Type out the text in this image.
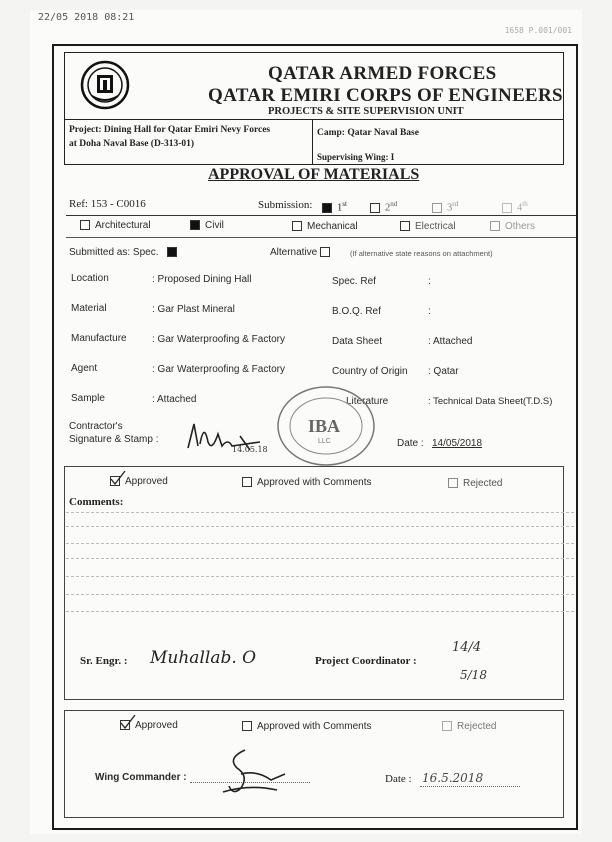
22/05 2018 08:21
1658 P.001/001
QATAR ARMED FORCES
QATAR EMIRI CORPS OF ENGINEERS
PROJECTS & SITE SUPERVISION UNIT
Project: Dining Hall for Qatar Emiri Nevy Forces
at Doha Naval Base (D-313-01)
Camp: Qatar Naval Base
Supervising Wing: I
APPROVAL OF MATERIALS
Ref: 153 - C0016	Submission:	1st	2nd	3rd	4th
Architectural	Civil	Mechanical	Electrical	Others
Submitted as: Spec.	Alternative	(If alternative state reasons on attachment)
Location	: Proposed Dining Hall	Spec. Ref	:
Material	: Gar Plast Mineral	B.O.Q. Ref	:
Manufacture	: Gar Waterproofing & Factory	Data Sheet	: Attached
Agent	: Gar Waterproofing & Factory	Country of Origin : Qatar
Sample	: Attached	Literature	: Technical Data Sheet(T.D.S)
Contractor's
Signature & Stamp :
14.05.18
IBA
LLC	Date : 14/05/2018
Approved	Approved with Comments	Rejected
Comments:
Sr. Engr. : Muhallab. O	Project Coordinator :
14/4
5/18
Approved	Approved with Comments	Rejected
Wing Commander :	Date : 16.5.2018
